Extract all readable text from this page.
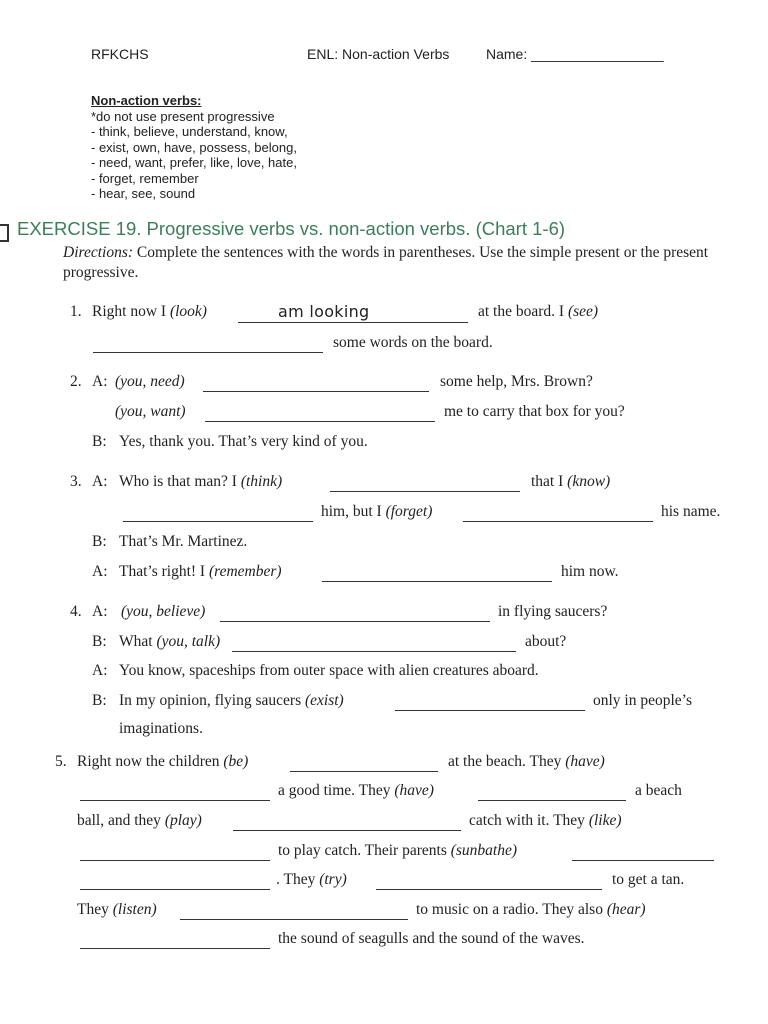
RFKCHS	ENL: Non-action Verbs	Name: _________________
Non-action verbs:
*do not use present progressive
- think, believe, understand, know,
- exist, own, have, possess, belong,
- need, want, prefer, like, love, hate,
- forget, remember
- hear, see, sound
EXERCISE 19. Progressive verbs vs. non-action verbs. (Chart 1-6)
Directions: Complete the sentences with the words in parentheses. Use the simple present or the present progressive.
1. Right now I (look)	am looking	at the board. I (see)
some words on the board.
2. A: (you, need)	some help, Mrs. Brown?
(you, want)	me to carry that box for you?
B: Yes, thank you. That’s very kind of you.
3. A: Who is that man? I (think)	that I (know)
him, but I (forget)	his name.
B: That’s Mr. Martinez.
A: That’s right! I (remember)	him now.
4. A: (you, believe)	in flying saucers?
B: What (you, talk)	about?
A: You know, spaceships from outer space with alien creatures aboard.
B: In my opinion, flying saucers (exist)	only in people’s
imaginations.
5. Right now the children (be)	at the beach. They (have)
a good time. They (have)	a beach
ball, and they (play)	catch with it. They (like)
to play catch. Their parents (sunbathe)
. They (try)	to get a tan.
They (listen)	to music on a radio. They also (hear)
the sound of seagulls and the sound of the waves.
